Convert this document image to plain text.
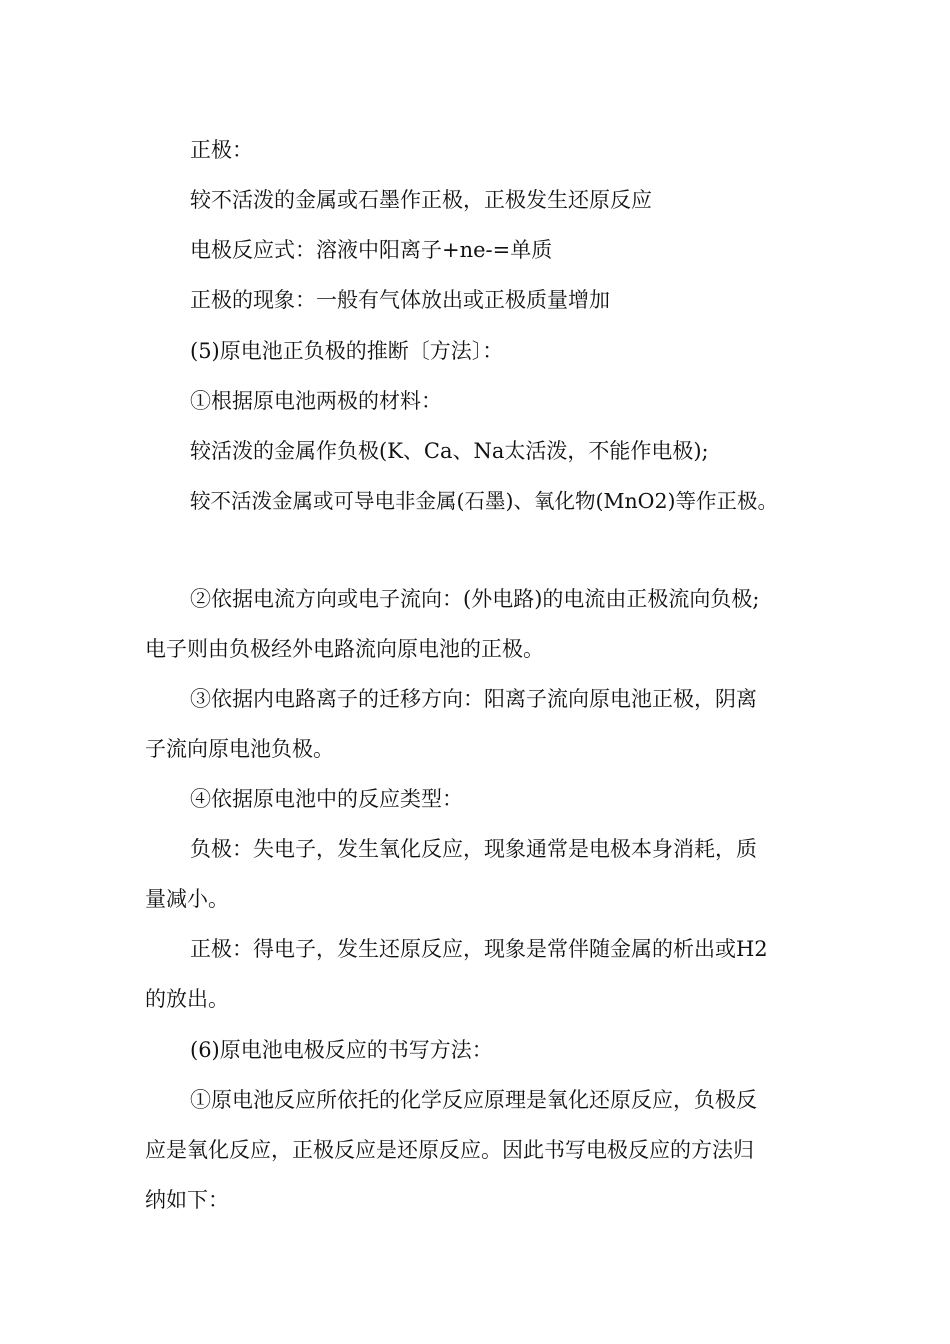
正极：
较不活泼的金属或石墨作正极，正极发生还原反应
电极反应式：溶液中阳离子+ne-=单质
正极的现象：一般有气体放出或正极质量增加
(5)原电池正负极的推断〔方法〕：
①根据原电池两极的材料：
较活泼的金属作负极(K、Ca、Na太活泼，不能作电极);
较不活泼金属或可导电非金属(石墨)、氧化物(MnO2)等作正极。
②依据电流方向或电子流向：(外电路)的电流由正极流向负极;
电子则由负极经外电路流向原电池的正极。
③依据内电路离子的迁移方向：阳离子流向原电池正极，阴离
子流向原电池负极。
④依据原电池中的反应类型：
负极：失电子，发生氧化反应，现象通常是电极本身消耗，质
量减小。
正极：得电子，发生还原反应，现象是常伴随金属的析出或H2
的放出。
(6)原电池电极反应的书写方法：
①原电池反应所依托的化学反应原理是氧化还原反应，负极反
应是氧化反应，正极反应是还原反应。因此书写电极反应的方法归
纳如下：
